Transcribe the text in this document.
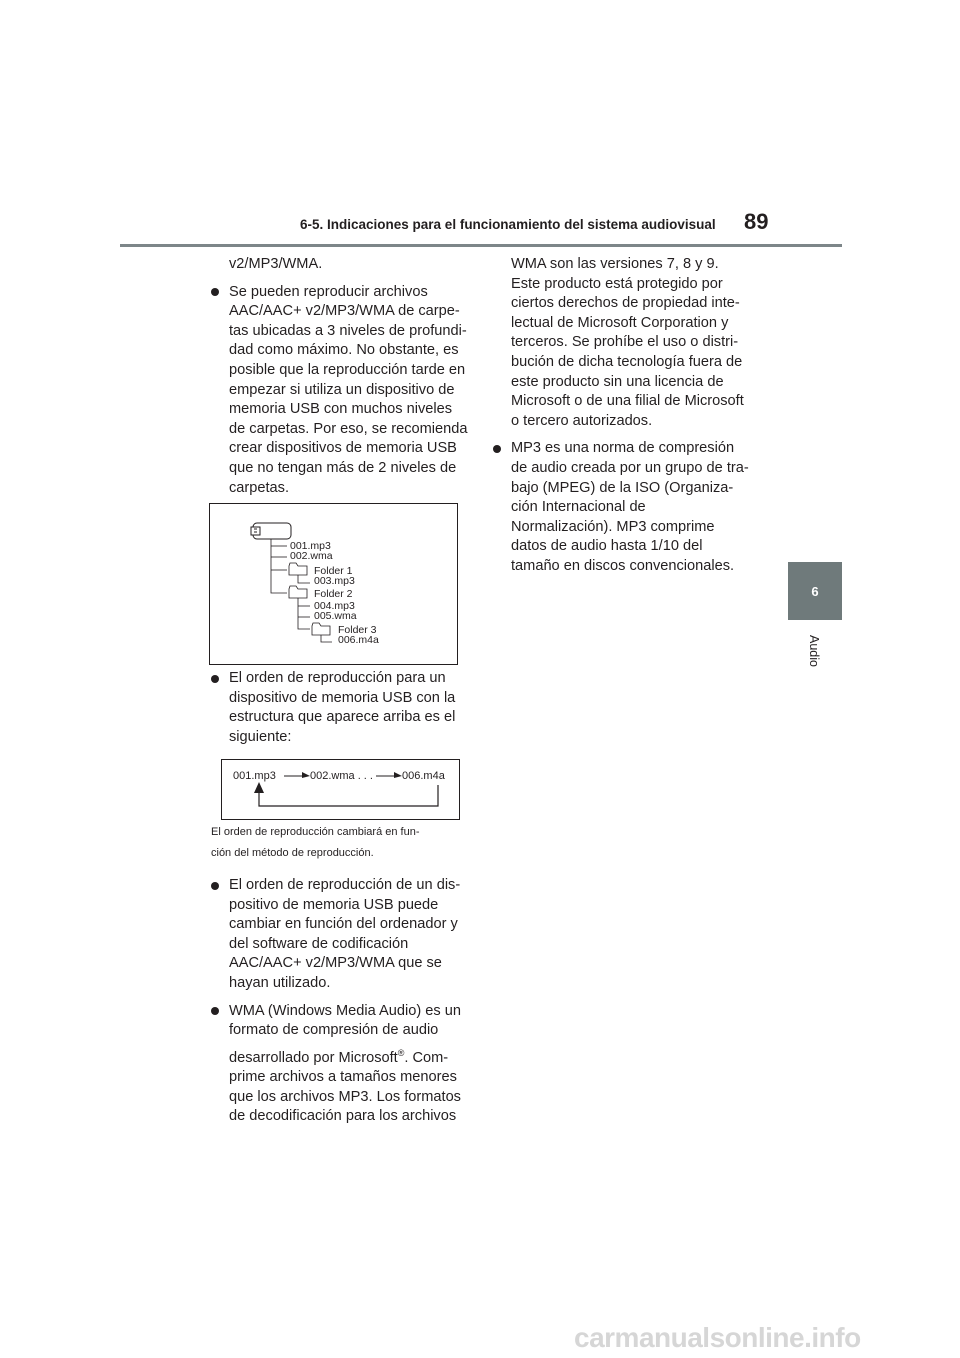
6-5. Indicaciones para el funcionamiento del sistema audiovisual 89
6
Audio

v2/MP3/WMA.

Se pueden reproducir archivos

AAC/AAC+ v2/MP3/WMA de carpe-

tas ubicadas a 3 niveles de profundi-

dad como máximo. No obstante, es

posible que la reproducción tarde en

empezar si utiliza un dispositivo de

memoria USB con muchos niveles

de carpetas. Por eso, se recomienda

crear dispositivos de memoria USB

que no tengan más de 2 niveles de

carpetas.

001.mp3
002.wma
Folder 1
003.mp3
Folder 2
004.mp3
005.wma
Folder 3
006.m4a

El orden de reproducción para un

dispositivo de memoria USB con la

estructura que aparece arriba es el

siguiente:

001.mp3	002.wma . . .	006.m4a

El orden de reproducción cambiará en fun-

ción del método de reproducción.

El orden de reproducción de un dis-

positivo de memoria USB puede

cambiar en función del ordenador y

del software de codificación

AAC/AAC+ v2/MP3/WMA que se

hayan utilizado.

WMA (Windows Media Audio) es un

formato de compresión de audio

desarrollado por Microsoft®. Com-

prime archivos a tamaños menores

que los archivos MP3. Los formatos

de decodificación para los archivos

WMA son las versiones 7, 8 y 9.

Este producto está protegido por

ciertos derechos de propiedad inte-

lectual de Microsoft Corporation y

terceros. Se prohíbe el uso o distri-

bución de dicha tecnología fuera de

este producto sin una licencia de

Microsoft o de una filial de Microsoft

o tercero autorizados.

MP3 es una norma de compresión

de audio creada por un grupo de tra-

bajo (MPEG) de la ISO (Organiza-

ción Internacional de

Normalización). MP3 comprime

datos de audio hasta 1/10 del

tamaño en discos convencionales.

carmanualsonline.info
